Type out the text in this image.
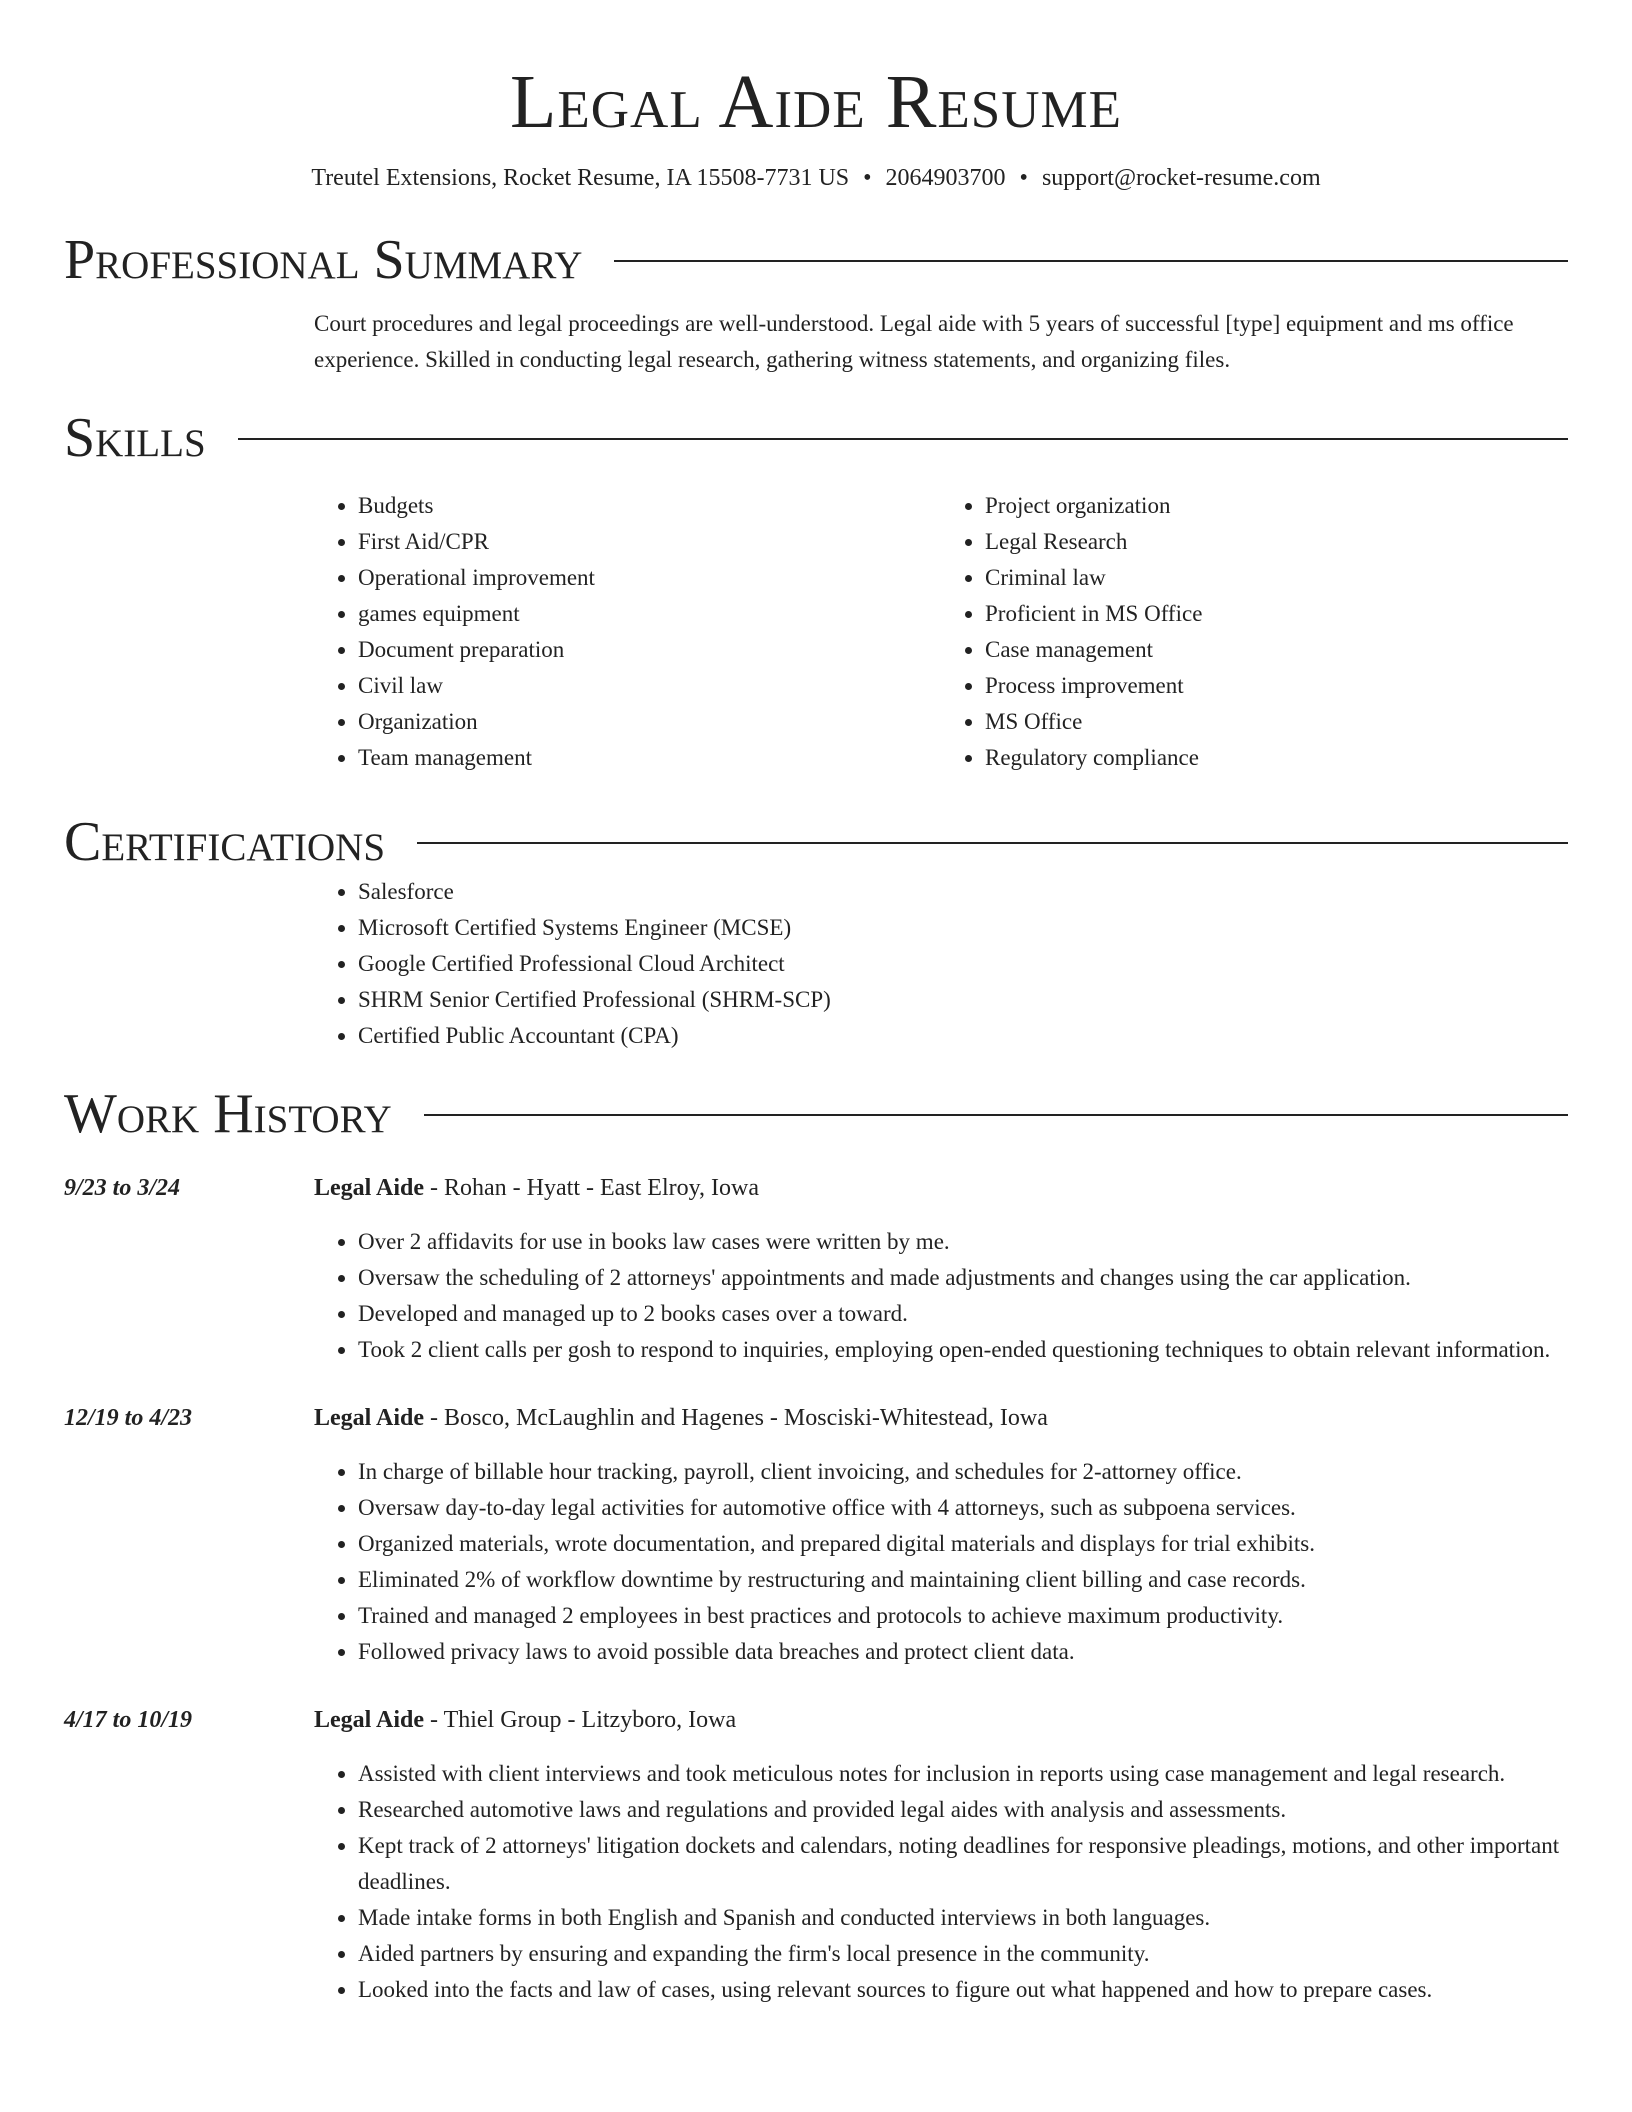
Legal Aide Resume
Treutel Extensions, Rocket Resume, IA 15508-7731 US • 2064903700 • support@rocket-resume.com
Professional Summary
Court procedures and legal proceedings are well-understood. Legal aide with 5 years of successful [type] equipment and ms office experience. Skilled in conducting legal research, gathering witness statements, and organizing files.
Skills
• Budgets
• First Aid/CPR
• Operational improvement
• games equipment
• Document preparation
• Civil law
• Organization
• Team management
• Project organization
• Legal Research
• Criminal law
• Proficient in MS Office
• Case management
• Process improvement
• MS Office
• Regulatory compliance
Certifications
• Salesforce
• Microsoft Certified Systems Engineer (MCSE)
• Google Certified Professional Cloud Architect
• SHRM Senior Certified Professional (SHRM-SCP)
• Certified Public Accountant (CPA)
Work History
9/23 to 3/24	Legal Aide - Rohan - Hyatt - East Elroy, Iowa
• Over 2 affidavits for use in books law cases were written by me.
• Oversaw the scheduling of 2 attorneys' appointments and made adjustments and changes using the car application.
• Developed and managed up to 2 books cases over a toward.
• Took 2 client calls per gosh to respond to inquiries, employing open-ended questioning techniques to obtain relevant information.
12/19 to 4/23	Legal Aide - Bosco, McLaughlin and Hagenes - Mosciski-Whitestead, Iowa
• In charge of billable hour tracking, payroll, client invoicing, and schedules for 2-attorney office.
• Oversaw day-to-day legal activities for automotive office with 4 attorneys, such as subpoena services.
• Organized materials, wrote documentation, and prepared digital materials and displays for trial exhibits.
• Eliminated 2% of workflow downtime by restructuring and maintaining client billing and case records.
• Trained and managed 2 employees in best practices and protocols to achieve maximum productivity.
• Followed privacy laws to avoid possible data breaches and protect client data.
4/17 to 10/19	Legal Aide - Thiel Group - Litzyboro, Iowa
• Assisted with client interviews and took meticulous notes for inclusion in reports using case management and legal research.
• Researched automotive laws and regulations and provided legal aides with analysis and assessments.
• Kept track of 2 attorneys' litigation dockets and calendars, noting deadlines for responsive pleadings, motions, and other important deadlines.
• Made intake forms in both English and Spanish and conducted interviews in both languages.
• Aided partners by ensuring and expanding the firm's local presence in the community.
• Looked into the facts and law of cases, using relevant sources to figure out what happened and how to prepare cases.
